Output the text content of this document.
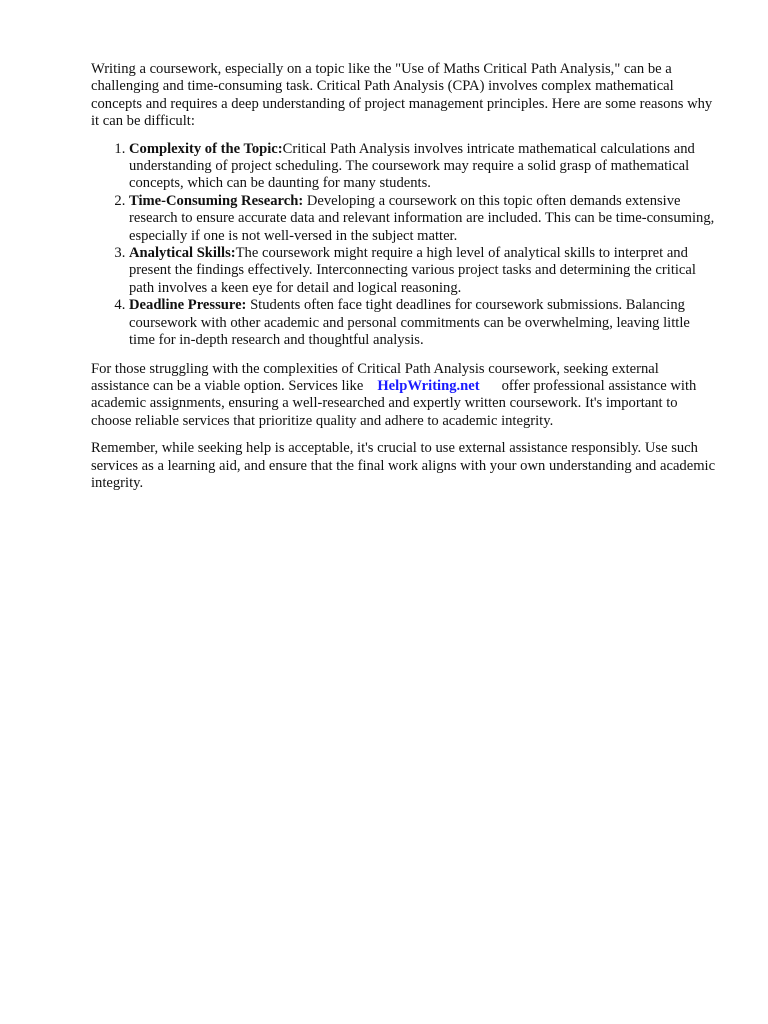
Writing a coursework, especially on a topic like the "Use of Maths Critical Path Analysis," can be a challenging and time-consuming task. Critical Path Analysis (CPA) involves complex mathematical concepts and requires a deep understanding of project management principles. Here are some reasons why it can be difficult:

1. Complexity of the Topic:Critical Path Analysis involves intricate mathematical calculations and understanding of project scheduling. The coursework may require a solid grasp of mathematical concepts, which can be daunting for many students.
2. Time-Consuming Research: Developing a coursework on this topic often demands extensive research to ensure accurate data and relevant information are included. This can be time-consuming, especially if one is not well-versed in the subject matter.
3. Analytical Skills:The coursework might require a high level of analytical skills to interpret and present the findings effectively. Interconnecting various project tasks and determining the critical path involves a keen eye for detail and logical reasoning.
4. Deadline Pressure: Students often face tight deadlines for coursework submissions. Balancing coursework with other academic and personal commitments can be overwhelming, leaving little time for in-depth research and thoughtful analysis.

For those struggling with the complexities of Critical Path Analysis coursework, seeking external assistance can be a viable option. Services like HelpWriting.net offer professional assistance with academic assignments, ensuring a well-researched and expertly written coursework. It's important to choose reliable services that prioritize quality and adhere to academic integrity.

Remember, while seeking help is acceptable, it's crucial to use external assistance responsibly. Use such services as a learning aid, and ensure that the final work aligns with your own understanding and academic integrity.
